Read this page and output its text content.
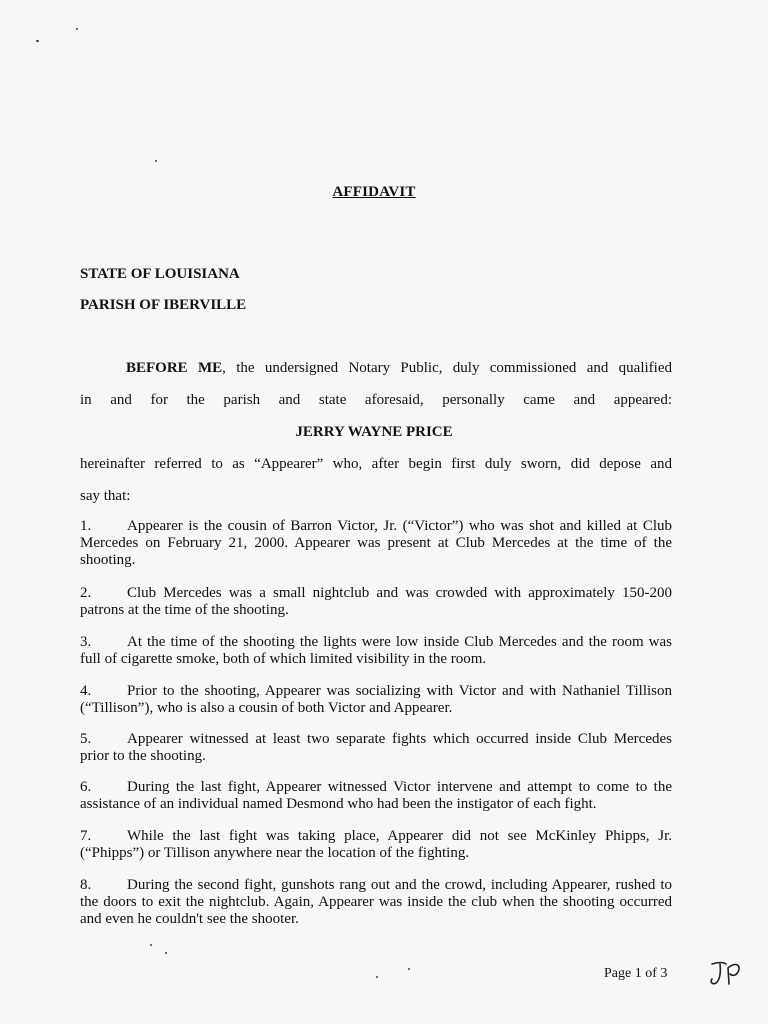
AFFIDAVIT
STATE OF LOUISIANA
PARISH OF IBERVILLE
BEFORE ME, the undersigned Notary Public, duly commissioned and qualified
in and for the parish and state aforesaid, personally came and appeared:
JERRY WAYNE PRICE
hereinafter referred to as “Appearer” who, after begin first duly sworn, did depose and
say that:
1. Appearer is the cousin of Barron Victor, Jr. (“Victor”) who was shot and killed at Club Mercedes on February 21, 2000. Appearer was present at Club Mercedes at the time of the shooting.
2. Club Mercedes was a small nightclub and was crowded with approximately 150-200 patrons at the time of the shooting.
3. At the time of the shooting the lights were low inside Club Mercedes and the room was full of cigarette smoke, both of which limited visibility in the room.
4. Prior to the shooting, Appearer was socializing with Victor and with Nathaniel Tillison (“Tillison”), who is also a cousin of both Victor and Appearer.
5. Appearer witnessed at least two separate fights which occurred inside Club Mercedes prior to the shooting.
6. During the last fight, Appearer witnessed Victor intervene and attempt to come to the assistance of an individual named Desmond who had been the instigator of each fight.
7. While the last fight was taking place, Appearer did not see McKinley Phipps, Jr. (“Phipps”) or Tillison anywhere near the location of the fighting.
8. During the second fight, gunshots rang out and the crowd, including Appearer, rushed to the doors to exit the nightclub. Again, Appearer was inside the club when the shooting occurred and even he couldn't see the shooter.
Page 1 of 3
